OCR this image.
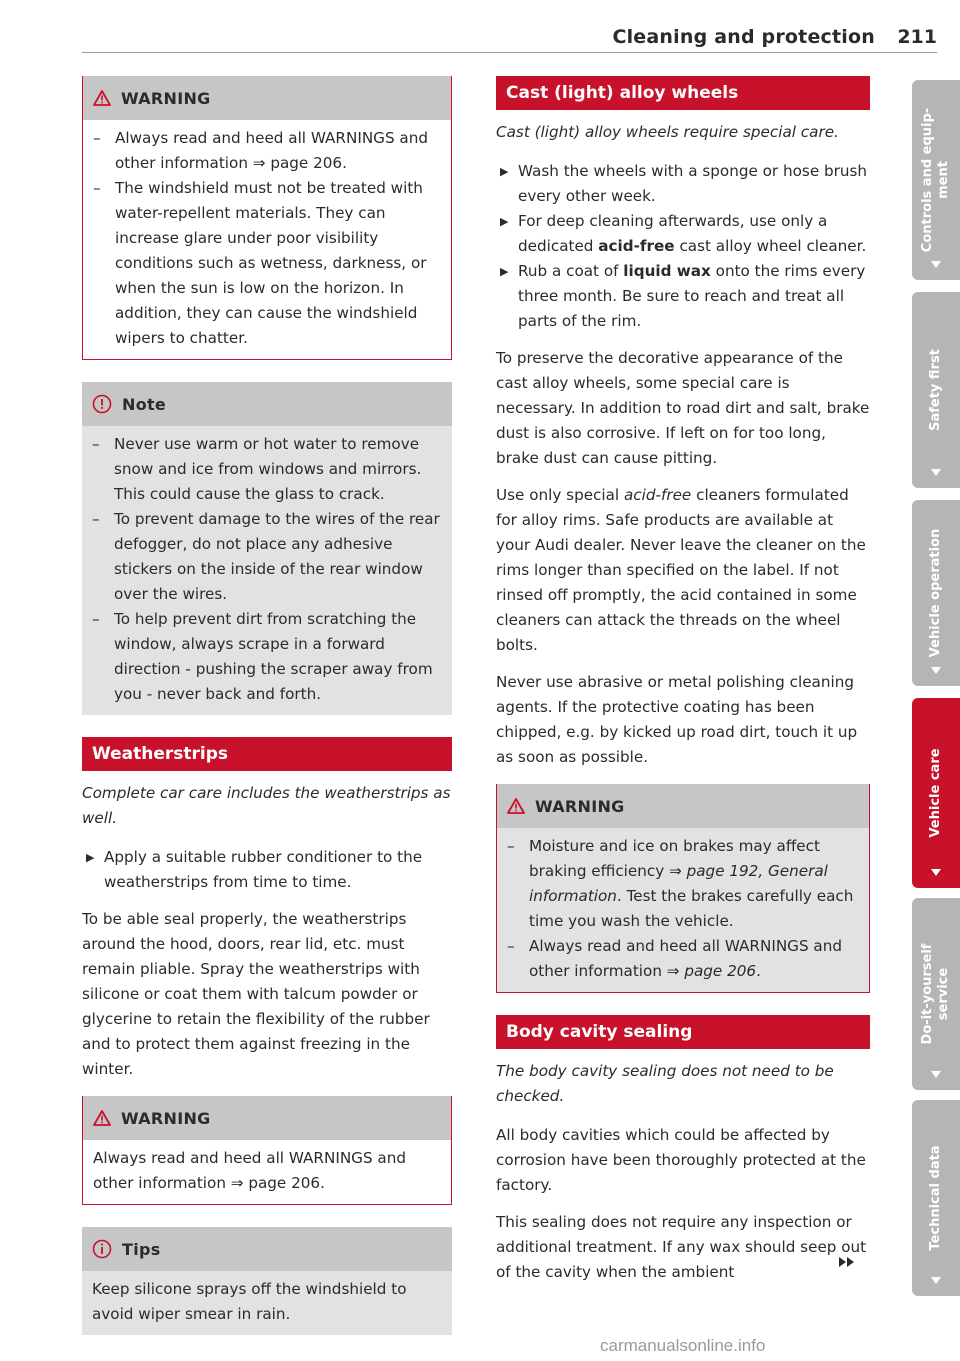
Cleaning and protection 211
WARNING
– Always read and heed all WARNINGS and other information ⇒ page 206.
– The windshield must not be treated with water-repellent materials. They can increase glare under poor visibility conditions such as wetness, darkness, or when the sun is low on the horizon. In addition, they can cause the windshield wipers to chatter.
Note
– Never use warm or hot water to remove snow and ice from windows and mirrors. This could cause the glass to crack.
– To prevent damage to the wires of the rear defogger, do not place any adhesive stickers on the inside of the rear window over the wires.
– To help prevent dirt from scratching the window, always scrape in a forward direction - pushing the scraper away from you - never back and forth.
Weatherstrips

Complete car care includes the weatherstrips as well.

▶ Apply a suitable rubber conditioner to the weatherstrips from time to time.

To be able seal properly, the weatherstrips around the hood, doors, rear lid, etc. must remain pliable. Spray the weatherstrips with silicone or coat them with talcum powder or glycerine to retain the flexibility of the rubber and to protect them against freezing in the winter.

WARNING
Always read and heed all WARNINGS and other information ⇒ page 206.
Tips
Keep silicone sprays off the windshield to avoid wiper smear in rain.
Cast (light) alloy wheels

Cast (light) alloy wheels require special care.

▶ Wash the wheels with a sponge or hose brush every other week.
▶ For deep cleaning afterwards, use only a dedicated acid-free cast alloy wheel cleaner.

▶ Rub a coat of liquid wax onto the rims every three month. Be sure to reach and treat all parts of the rim.

To preserve the decorative appearance of the cast alloy wheels, some special care is necessary. In addition to road dirt and salt, brake dust is also corrosive. If left on for too long, brake dust can cause pitting.

Use only special acid-free cleaners formulated for alloy rims. Safe products are available at your Audi dealer. Never leave the cleaner on the rims longer than specified on the label. If not rinsed off promptly, the acid contained in some cleaners can attack the threads on the wheel bolts.

Never use abrasive or metal polishing cleaning agents. If the protective coating has been chipped, e.g. by kicked up road dirt, touch it up as soon as possible.

WARNING
– Moisture and ice on brakes may affect braking efficiency ⇒ page 192, General information. Test the brakes carefully each time you wash the vehicle.
– Always read and heed all WARNINGS and other information ⇒ page 206.
Body cavity sealing

The body cavity sealing does not need to be checked.

All body cavities which could be affected by corrosion have been thoroughly protected at the factory.

This sealing does not require any inspection or additional treatment. If any wax should seep out of the cavity when the ambient

Controls and equip-
ment
Safety first
Vehicle operation
Vehicle care
Do-it-yourself
service
Technical data
carmanualsonline.info
